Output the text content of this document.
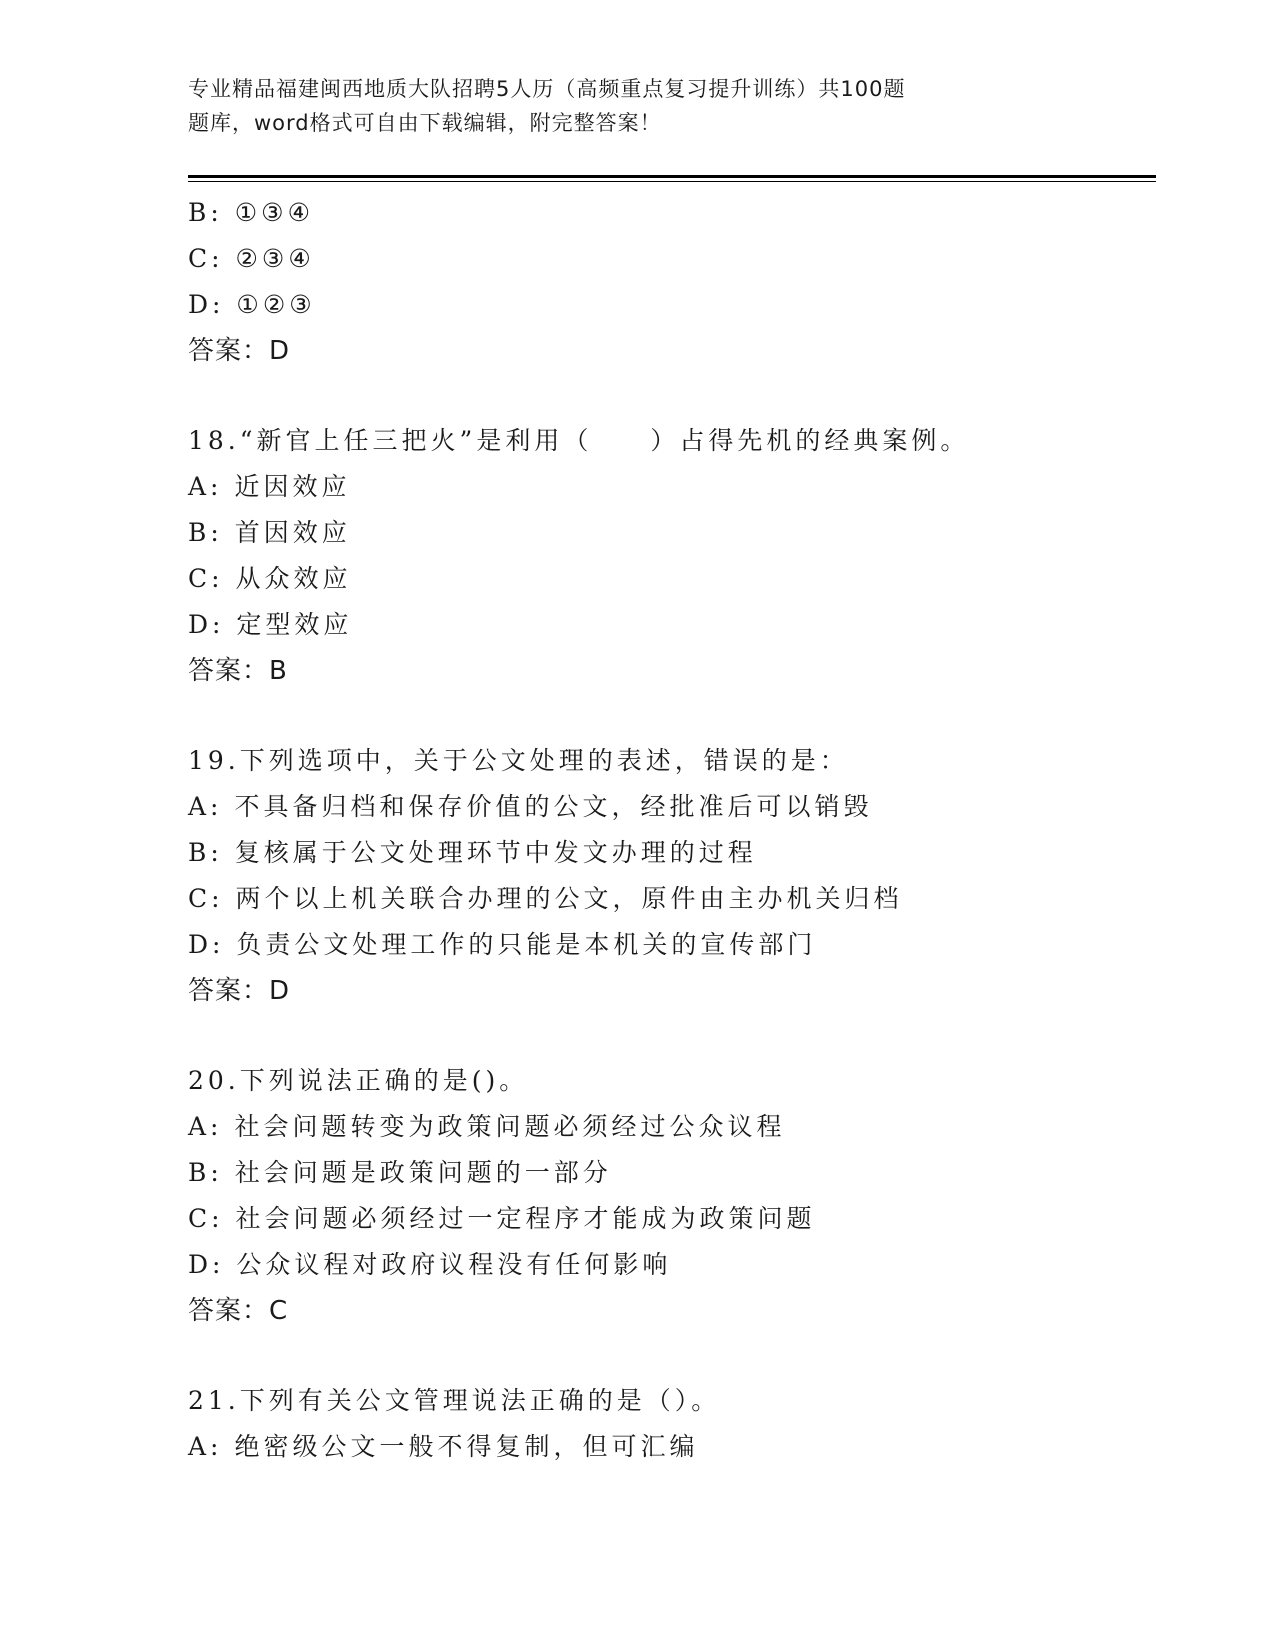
专业精品福建闽西地质大队招聘5人历（高频重点复习提升训练）共100题
题库，word格式可自由下载编辑，附完整答案！
B: ①③④
C: ②③④
D: ①②③
答案：D
18.“新官上任三把火”是利用（　　）占得先机的经典案例。
A: 近因效应
B: 首因效应
C: 从众效应
D: 定型效应
答案：B
19.下列选项中，关于公文处理的表述，错误的是：
A: 不具备归档和保存价值的公文，经批准后可以销毁
B: 复核属于公文处理环节中发文办理的过程
C: 两个以上机关联合办理的公文，原件由主办机关归档
D: 负责公文处理工作的只能是本机关的宣传部门
答案：D
20.下列说法正确的是()。
A: 社会问题转变为政策问题必须经过公众议程
B: 社会问题是政策问题的一部分
C: 社会问题必须经过一定程序才能成为政策问题
D: 公众议程对政府议程没有任何影响
答案：C
21.下列有关公文管理说法正确的是（）。
A: 绝密级公文一般不得复制，但可汇编
